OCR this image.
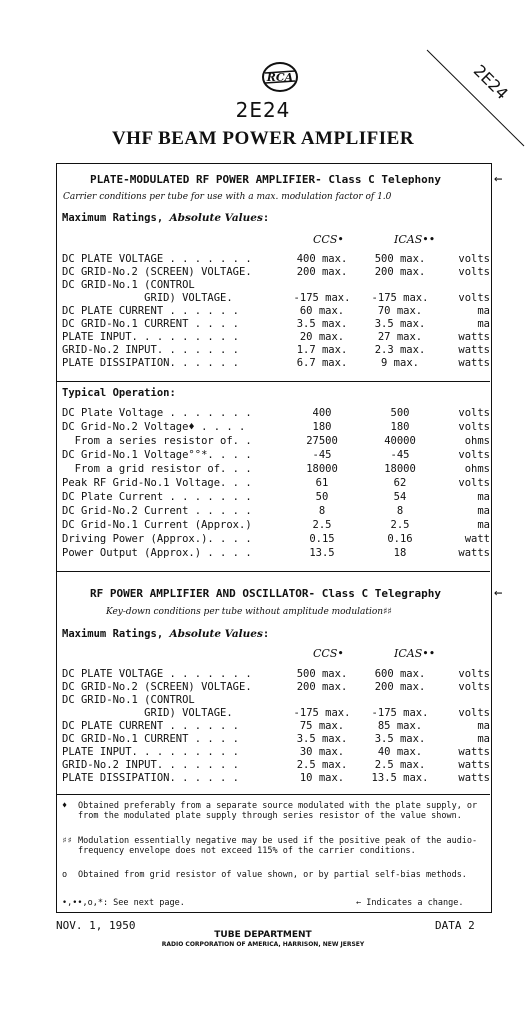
RCA
2E24
VHF BEAM POWER AMPLIFIER
2E24
PLATE-MODULATED RF POWER AMPLIFIER- Class C Telephony	←
Carrier conditions per tube for use with a max. modulation factor of 1.0
Maximum Ratings, Absolute Values:
CCS•	ICAS••
DC PLATE VOLTAGE . . . . . . .	400 max.	500 max.	volts
DC GRID-No.2 (SCREEN) VOLTAGE.	200 max.	200 max.	volts
DC GRID-No.1 (CONTROL
GRID) VOLTAGE.	-175 max.	-175 max.	volts
DC PLATE CURRENT . . . . . .	60 max.	70 max.	ma
DC GRID-No.1 CURRENT . . . .	3.5 max.	3.5 max.	ma
PLATE INPUT. . . . . . . . .	20 max.	27 max.	watts
GRID-No.2 INPUT. . . . . . .	1.7 max.	2.3 max.	watts
PLATE DISSIPATION. . . . . .	6.7 max.	9 max.	watts
Typical Operation:
DC Plate Voltage . . . . . . .	400	500	volts
DC Grid-No.2 Voltage♦ . . . .	180	180	volts
From a series resistor of. .	27500	40000	ohms
DC Grid-No.1 Voltage°°*. . . .	-45	-45	volts
From a grid resistor of. . .	18000	18000	ohms
Peak RF Grid-No.1 Voltage. . .	61	62	volts
DC Plate Current . . . . . . .	50	54	ma
DC Grid-No.2 Current . . . . .	8	8	ma
DC Grid-No.1 Current (Approx.)	2.5	2.5	ma
Driving Power (Approx.). . . .	0.15	0.16	watt
Power Output (Approx.) . . . .	13.5	18	watts
RF POWER AMPLIFIER AND OSCILLATOR- Class C Telegraphy	←
Key-down conditions per tube without amplitude modulation♯♯
Maximum Ratings, Absolute Values:
CCS•	ICAS••
DC PLATE VOLTAGE . . . . . . .	500 max.	600 max.	volts
DC GRID-No.2 (SCREEN) VOLTAGE.	200 max.	200 max.	volts
DC GRID-No.1 (CONTROL
GRID) VOLTAGE.	-175 max.	-175 max.	volts
DC PLATE CURRENT . . . . . .	75 max.	85 max.	ma
DC GRID-No.1 CURRENT . . . .	3.5 max.	3.5 max.	ma
PLATE INPUT. . . . . . . . .	30 max.	40 max.	watts
GRID-No.2 INPUT. . . . . . .	2.5 max.	2.5 max.	watts
PLATE DISSIPATION. . . . . .	10 max.	13.5 max.	watts
♦ Obtained preferably from a separate source modulated with the plate supply, or from the modulated plate supply through series resistor of the value shown.
♯♯ Modulation essentially negative may be used if the positive peak of the audio-frequency envelope does not exceed 115% of the carrier conditions.
o Obtained from grid resistor of value shown, or by partial self-bias methods.
•,••,o,*: See next page.	← Indicates a change.
NOV. 1, 1950	DATA 2
TUBE DEPARTMENT
RADIO CORPORATION OF AMERICA, HARRISON, NEW JERSEY
